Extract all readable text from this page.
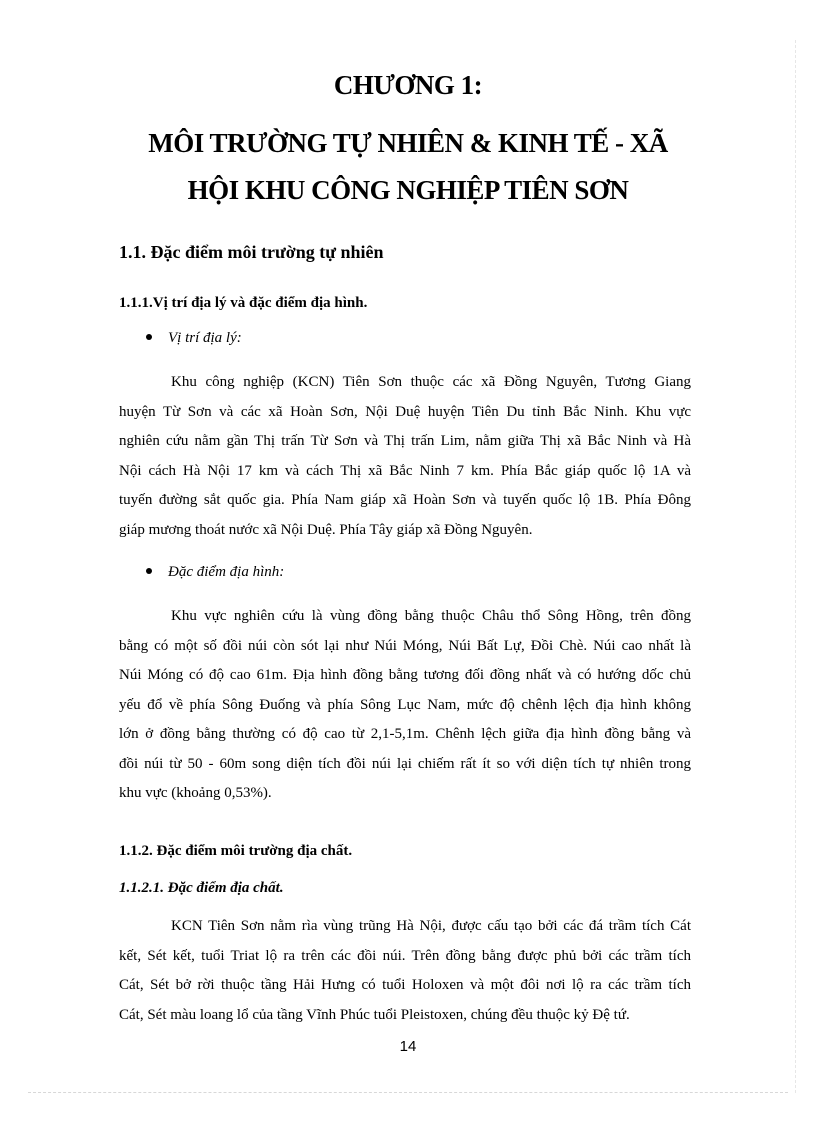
CHƯƠNG 1:
MÔI TRƯỜNG TỰ NHIÊN & KINH TẾ - XÃ
HỘI KHU CÔNG NGHIỆP TIÊN SƠN
1.1. Đặc điểm môi trường tự nhiên
1.1.1.Vị trí địa lý và đặc điểm địa hình.

Vị trí địa lý:

Khu công nghiệp (KCN) Tiên Sơn thuộc các xã Đồng Nguyên, Tương Giang
huyện Từ Sơn và các xã Hoàn Sơn, Nội Duệ huyện Tiên Du tỉnh Bắc Ninh. Khu vực
nghiên cứu nằm gần Thị trấn Từ Sơn và Thị trấn Lim, nằm giữa Thị xã Bắc Ninh và Hà
Nội cách Hà Nội 17 km và cách Thị xã Bắc Ninh 7 km. Phía Bắc giáp quốc lộ 1A và
tuyến đường sắt quốc gia. Phía Nam giáp xã Hoàn Sơn và tuyến quốc lộ 1B. Phía Đông
giáp mương thoát nước xã Nội Duệ. Phía Tây giáp xã Đồng Nguyên.

Đặc điểm địa hình:

Khu vực nghiên cứu là vùng đồng bằng thuộc Châu thổ Sông Hồng, trên đồng
bằng có một số đồi núi còn sót lại như Núi Móng, Núi Bất Lự, Đồi Chè. Núi cao nhất là
Núi Móng có độ cao 61m. Địa hình đồng bằng tương đối đồng nhất và có hướng dốc chủ
yếu đổ về phía Sông Đuống và phía Sông Lục Nam, mức độ chênh lệch địa hình không
lớn ở đồng bằng thường có độ cao từ 2,1-5,1m. Chênh lệch giữa địa hình đồng bằng và
đồi núi từ 50 - 60m song diện tích đồi núi lại chiếm rất ít so với diện tích tự nhiên trong
khu vực (khoảng 0,53%).
1.1.2. Đặc điểm môi trường địa chất.
1.1.2.1. Đặc điểm địa chất.
KCN Tiên Sơn nằm rìa vùng trũng Hà Nội, được cấu tạo bởi các đá trầm tích Cát
kết, Sét kết, tuổi Triat lộ ra trên các đồi núi. Trên đồng bằng được phủ bởi các trầm tích
Cát, Sét bở rời thuộc tầng Hải Hưng có tuổi Holoxen và một đôi nơi lộ ra các trầm tích
Cát, Sét màu loang lổ của tầng Vĩnh Phúc tuổi Pleistoxen, chúng đều thuộc kỷ Đệ tứ.

14
